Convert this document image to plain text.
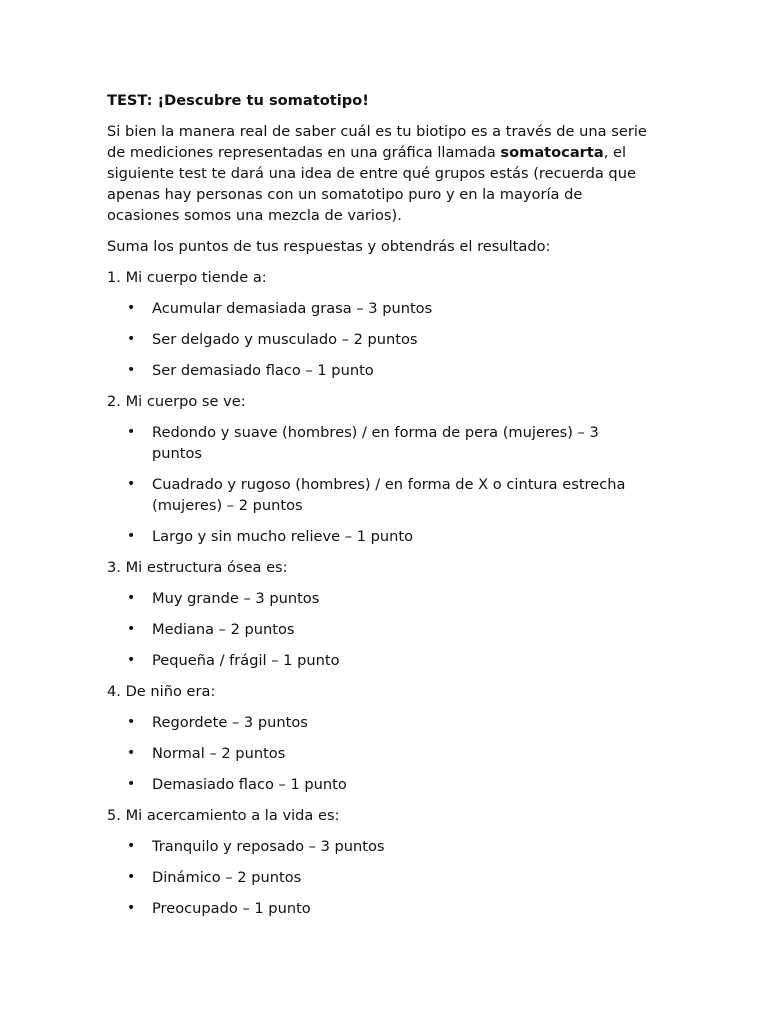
TEST: ¡Descubre tu somatotipo!

Si bien la manera real de saber cuál es tu biotipo es a través de una serie de mediciones representadas en una gráfica llamada somatocarta, el siguiente test te dará una idea de entre qué grupos estás (recuerda que apenas hay personas con un somatotipo puro y en la mayoría de ocasiones somos una mezcla de varios).

Suma los puntos de tus respuestas y obtendrás el resultado:

1. Mi cuerpo tiende a:

• Acumular demasiada grasa – 3 puntos
• Ser delgado y musculado – 2 puntos
• Ser demasiado flaco – 1 punto

2. Mi cuerpo se ve:

• Redondo y suave (hombres) / en forma de pera (mujeres) – 3 puntos
• Cuadrado y rugoso (hombres) / en forma de X o cintura estrecha (mujeres) – 2 puntos
• Largo y sin mucho relieve – 1 punto

3. Mi estructura ósea es:

• Muy grande – 3 puntos
• Mediana – 2 puntos
• Pequeña / frágil – 1 punto

4. De niño era:

• Regordete – 3 puntos
• Normal – 2 puntos
• Demasiado flaco – 1 punto

5. Mi acercamiento a la vida es:

• Tranquilo y reposado – 3 puntos
• Dinámico – 2 puntos
• Preocupado – 1 punto
